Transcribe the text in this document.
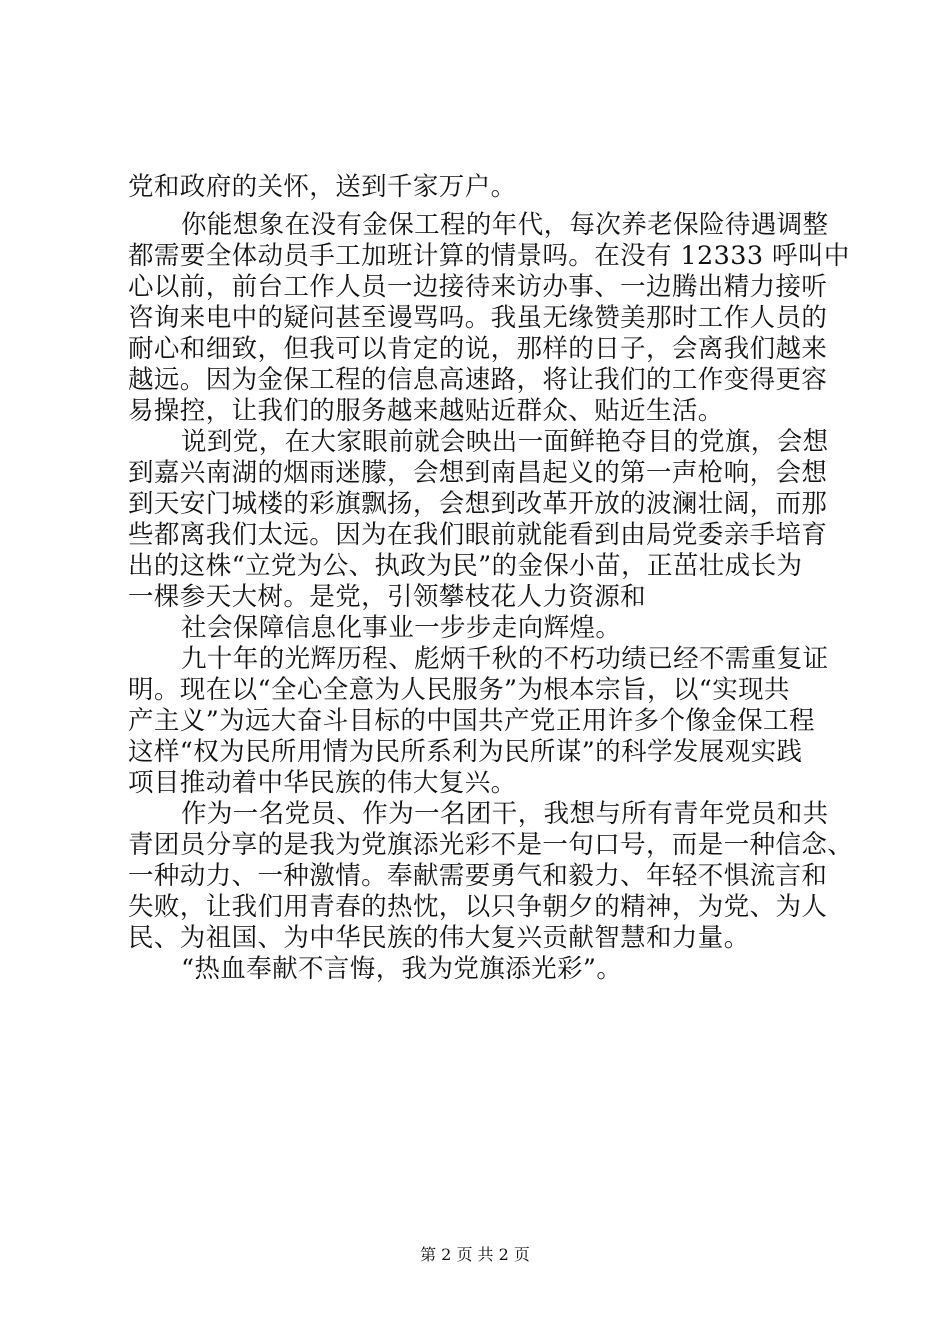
党和政府的关怀，送到千家万户。
你能想象在没有金保工程的年代，每次养老保险待遇调整
都需要全体动员手工加班计算的情景吗。在没有 12333 呼叫中
心以前，前台工作人员一边接待来访办事、一边腾出精力接听
咨询来电中的疑问甚至谩骂吗。我虽无缘赞美那时工作人员的
耐心和细致，但我可以肯定的说，那样的日子，会离我们越来
越远。因为金保工程的信息高速路，将让我们的工作变得更容
易操控，让我们的服务越来越贴近群众、贴近生活。
说到党，在大家眼前就会映出一面鲜艳夺目的党旗，会想
到嘉兴南湖的烟雨迷朦，会想到南昌起义的第一声枪响，会想
到天安门城楼的彩旗飘扬，会想到改革开放的波澜壮阔，而那
些都离我们太远。因为在我们眼前就能看到由局党委亲手培育
出的这株“立党为公、执政为民”的金保小苗，正茁壮成长为
一棵参天大树。是党，引领攀枝花人力资源和
社会保障信息化事业一步步走向辉煌。
九十年的光辉历程、彪炳千秋的不朽功绩已经不需重复证
明。现在以“全心全意为人民服务”为根本宗旨，以“实现共
产主义”为远大奋斗目标的中国共产党正用许多个像金保工程
这样“权为民所用情为民所系利为民所谋”的科学发展观实践
项目推动着中华民族的伟大复兴。
作为一名党员、作为一名团干，我想与所有青年党员和共
青团员分享的是我为党旗添光彩不是一句口号，而是一种信念、
一种动力、一种激情。奉献需要勇气和毅力、年轻不惧流言和
失败，让我们用青春的热忱，以只争朝夕的精神，为党、为人
民、为祖国、为中华民族的伟大复兴贡献智慧和力量。
“热血奉献不言悔，我为党旗添光彩”。
第 2 页 共 2 页
